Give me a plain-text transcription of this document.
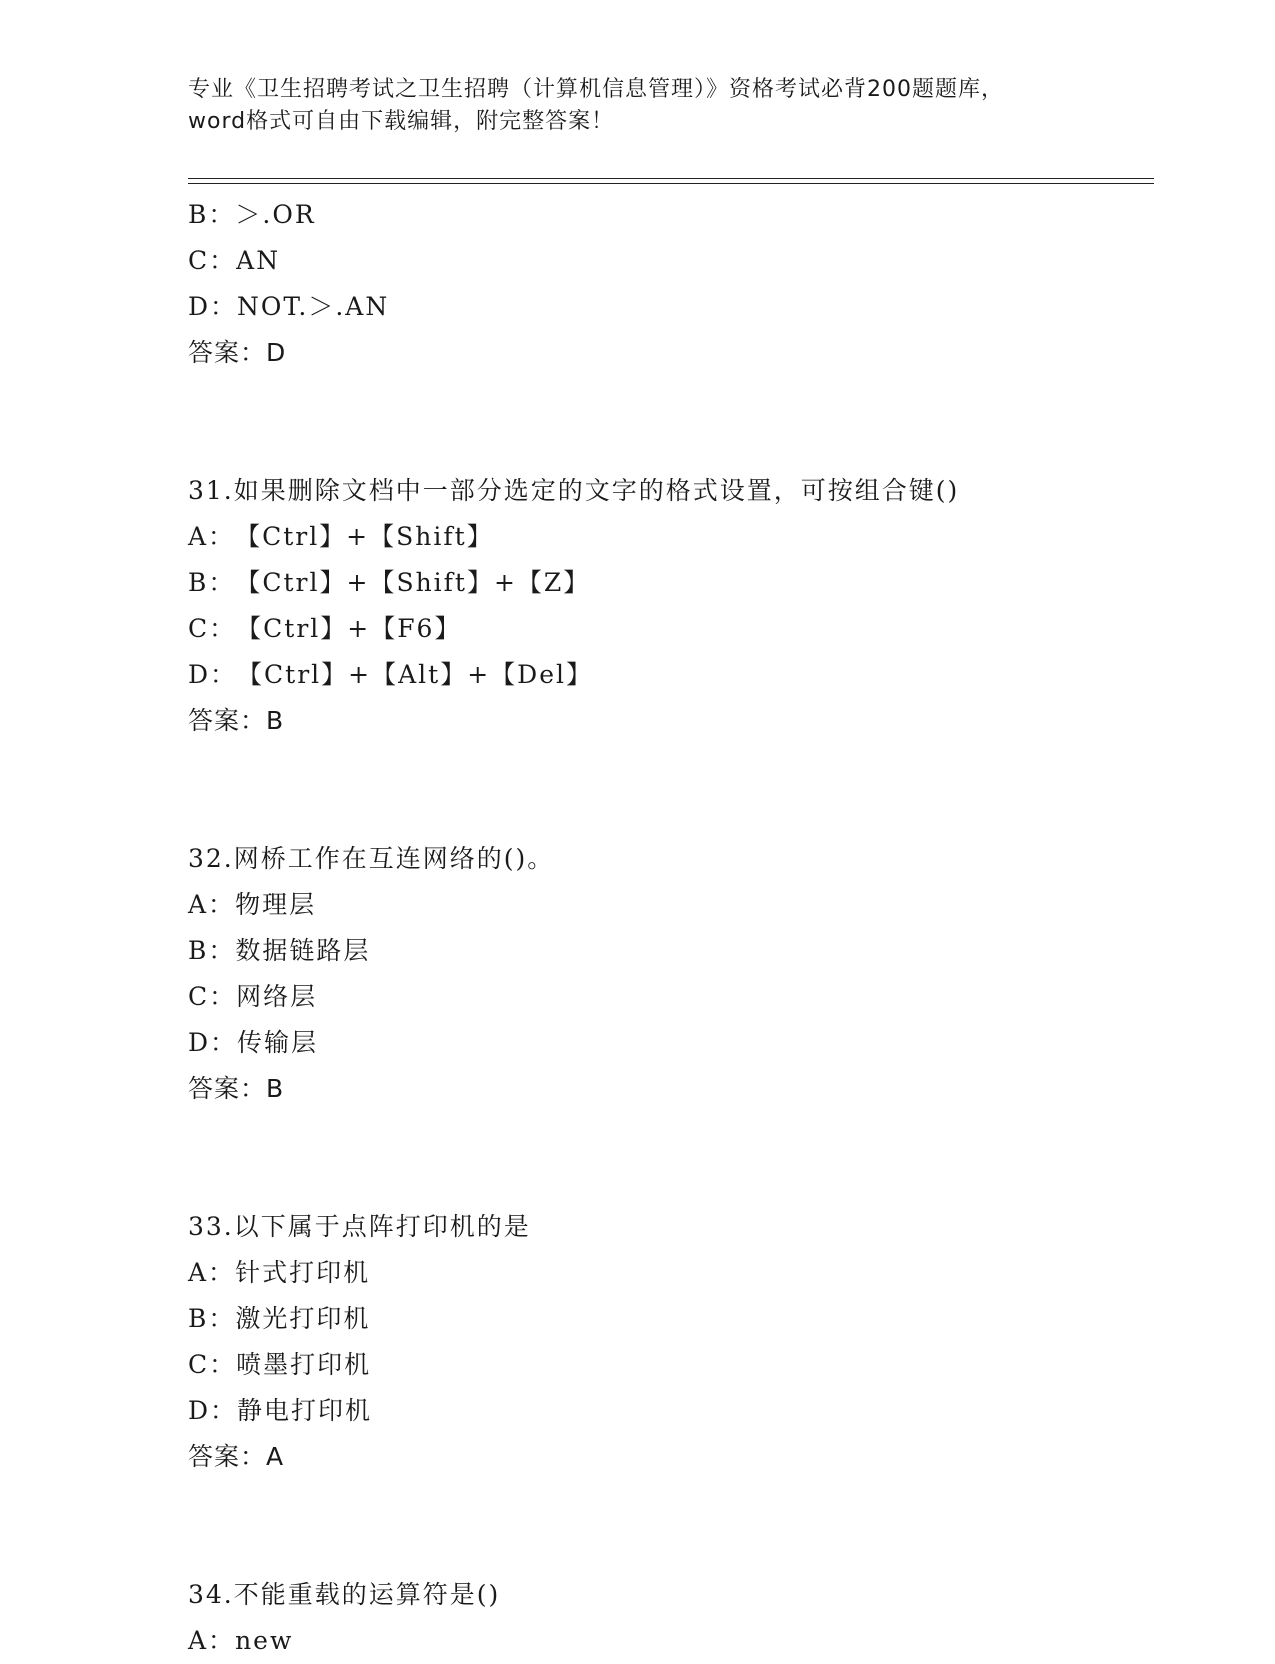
专业《卫生招聘考试之卫生招聘（计算机信息管理）》资格考试必背200题题库，
word格式可自由下载编辑，附完整答案！
B：＞.OR
C：AN
D：NOT.＞.AN
答案：D
31.如果删除文档中一部分选定的文字的格式设置，可按组合键()
A：【Ctrl】+【Shift】
B：【Ctrl】+【Shift】+【Z】
C：【Ctrl】+【F6】
D：【Ctrl】+【Alt】+【Del】
答案：B
32.网桥工作在互连网络的()。
A：物理层
B：数据链路层
C：网络层
D：传输层
答案：B
33.以下属于点阵打印机的是
A：针式打印机
B：激光打印机
C：喷墨打印机
D：静电打印机
答案：A
34.不能重载的运算符是()
A：new
